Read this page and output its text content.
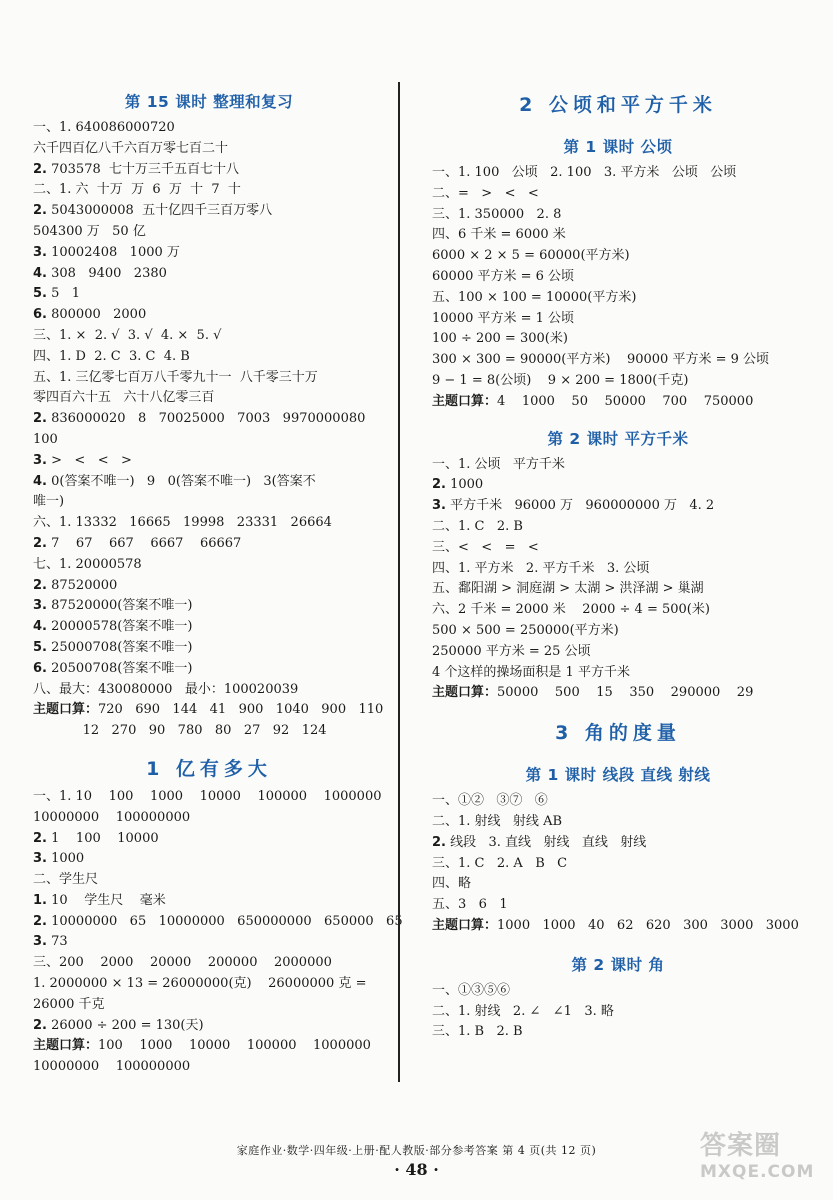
第 15 课时 整理和复习
一、1. 640086000720
六千四百亿八千六百万零七百二十
2. 703578  七十万三千五百七十八
二、1. 六  十万  万  6  万  十  7  十
2. 5043000008  五十亿四千三百万零八
504300 万   50 亿
3. 10002408   1000 万
4. 308   9400   2380
5. 5   1
6. 800000   2000
三、1. ×  2. √  3. √  4. ×  5. √
四、1. D  2. C  3. C  4. B
五、1. 三亿零七百万八千零九十一  八千零三十万
零四百六十五   六十八亿零三百
2. 836000020   8   70025000   7003   9970000080
100
3. >   <   <   >
4. 0(答案不唯一)   9   0(答案不唯一)   3(答案不
唯一)
六、1. 13332   16665   19998   23331   26664
2. 7    67    667    6667    66667
七、1. 20000578
2. 87520000
3. 87520000(答案不唯一)
4. 20000578(答案不唯一)
5. 25000708(答案不唯一)
6. 20500708(答案不唯一)
八、最大：430080000   最小：100020039
主题口算：720   690   144   41   900   1040   900   110
12   270   90   780   80   27   92   124
1 亿有多大
一、1. 10    100    1000    10000    100000    1000000
10000000    100000000
2. 1    100    10000
3. 1000
二、学生尺
1. 10    学生尺    毫米
2. 10000000   65   10000000   650000000   650000   65
3. 73
三、200    2000    20000    200000    2000000
1. 2000000 × 13 = 26000000(克)    26000000 克 =
26000 千克
2. 26000 ÷ 200 = 130(天)
主题口算：100    1000    10000    100000    1000000
10000000    100000000
2 公顷和平方千米
第 1 课时 公顷
一、1. 100   公顷   2. 100   3. 平方米   公顷   公顷
二、=   >   <   <
三、1. 350000   2. 8
四、6 千米 = 6000 米
6000 × 2 × 5 = 60000(平方米)
60000 平方米 = 6 公顷
五、100 × 100 = 10000(平方米)
10000 平方米 = 1 公顷
100 ÷ 200 = 300(米)
300 × 300 = 90000(平方米)    90000 平方米 = 9 公顷
9 − 1 = 8(公顷)    9 × 200 = 1800(千克)
主题口算：4    1000    50    50000    700    750000
第 2 课时 平方千米
一、1. 公顷   平方千米
2. 1000
3. 平方千米   96000 万   960000000 万   4. 2
二、1. C   2. B
三、<   <   =   <
四、1. 平方米   2. 平方千米   3. 公顷
五、鄱阳湖 > 洞庭湖 > 太湖 > 洪泽湖 > 巢湖
六、2 千米 = 2000 米    2000 ÷ 4 = 500(米)
500 × 500 = 250000(平方米)
250000 平方米 = 25 公顷
4 个这样的操场面积是 1 平方千米
主题口算：50000    500    15    350    290000    29
3 角的度量
第 1 课时 线段 直线 射线
一、①②   ③⑦   ⑥
二、1. 射线   射线 AB
2. 线段   3. 直线   射线   直线   射线
三、1. C   2. A   B   C
四、略
五、3   6   1
主题口算：1000   1000   40   62   620   300   3000   3000
第 2 课时 角
一、①③⑤⑥
二、1. 射线   2. ∠   ∠1   3. 略
三、1. B   2. B
家庭作业·数学·四年级·上册·配人教版·部分参考答案 第 4 页(共 12 页)
· 48 ·
答案圈
MXQE.COM
